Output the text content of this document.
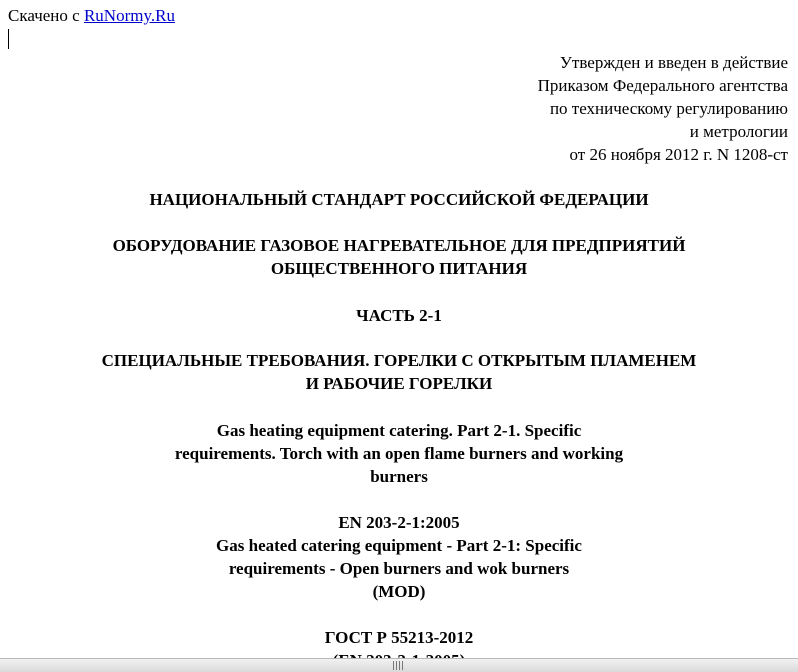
Скачено с RuNormy.Ru
Утвержден и введен в действие
Приказом Федерального агентства
по техническому регулированию
и метрологии
от 26 ноября 2012 г. N 1208-ст
НАЦИОНАЛЬНЫЙ СТАНДАРТ РОССИЙСКОЙ ФЕДЕРАЦИИ
ОБОРУДОВАНИЕ ГАЗОВОЕ НАГРЕВАТЕЛЬНОЕ ДЛЯ ПРЕДПРИЯТИЙ
ОБЩЕСТВЕННОГО ПИТАНИЯ
ЧАСТЬ 2-1
СПЕЦИАЛЬНЫЕ ТРЕБОВАНИЯ. ГОРЕЛКИ С ОТКРЫТЫМ ПЛАМЕНЕМ
И РАБОЧИЕ ГОРЕЛКИ
Gas heating equipment catering. Part 2-1. Specific
requirements. Torch with an open flame burners and working
burners
EN 203-2-1:2005
Gas heated catering equipment - Part 2-1: Specific
requirements - Open burners and wok burners
(MOD)
ГОСТ Р 55213-2012
